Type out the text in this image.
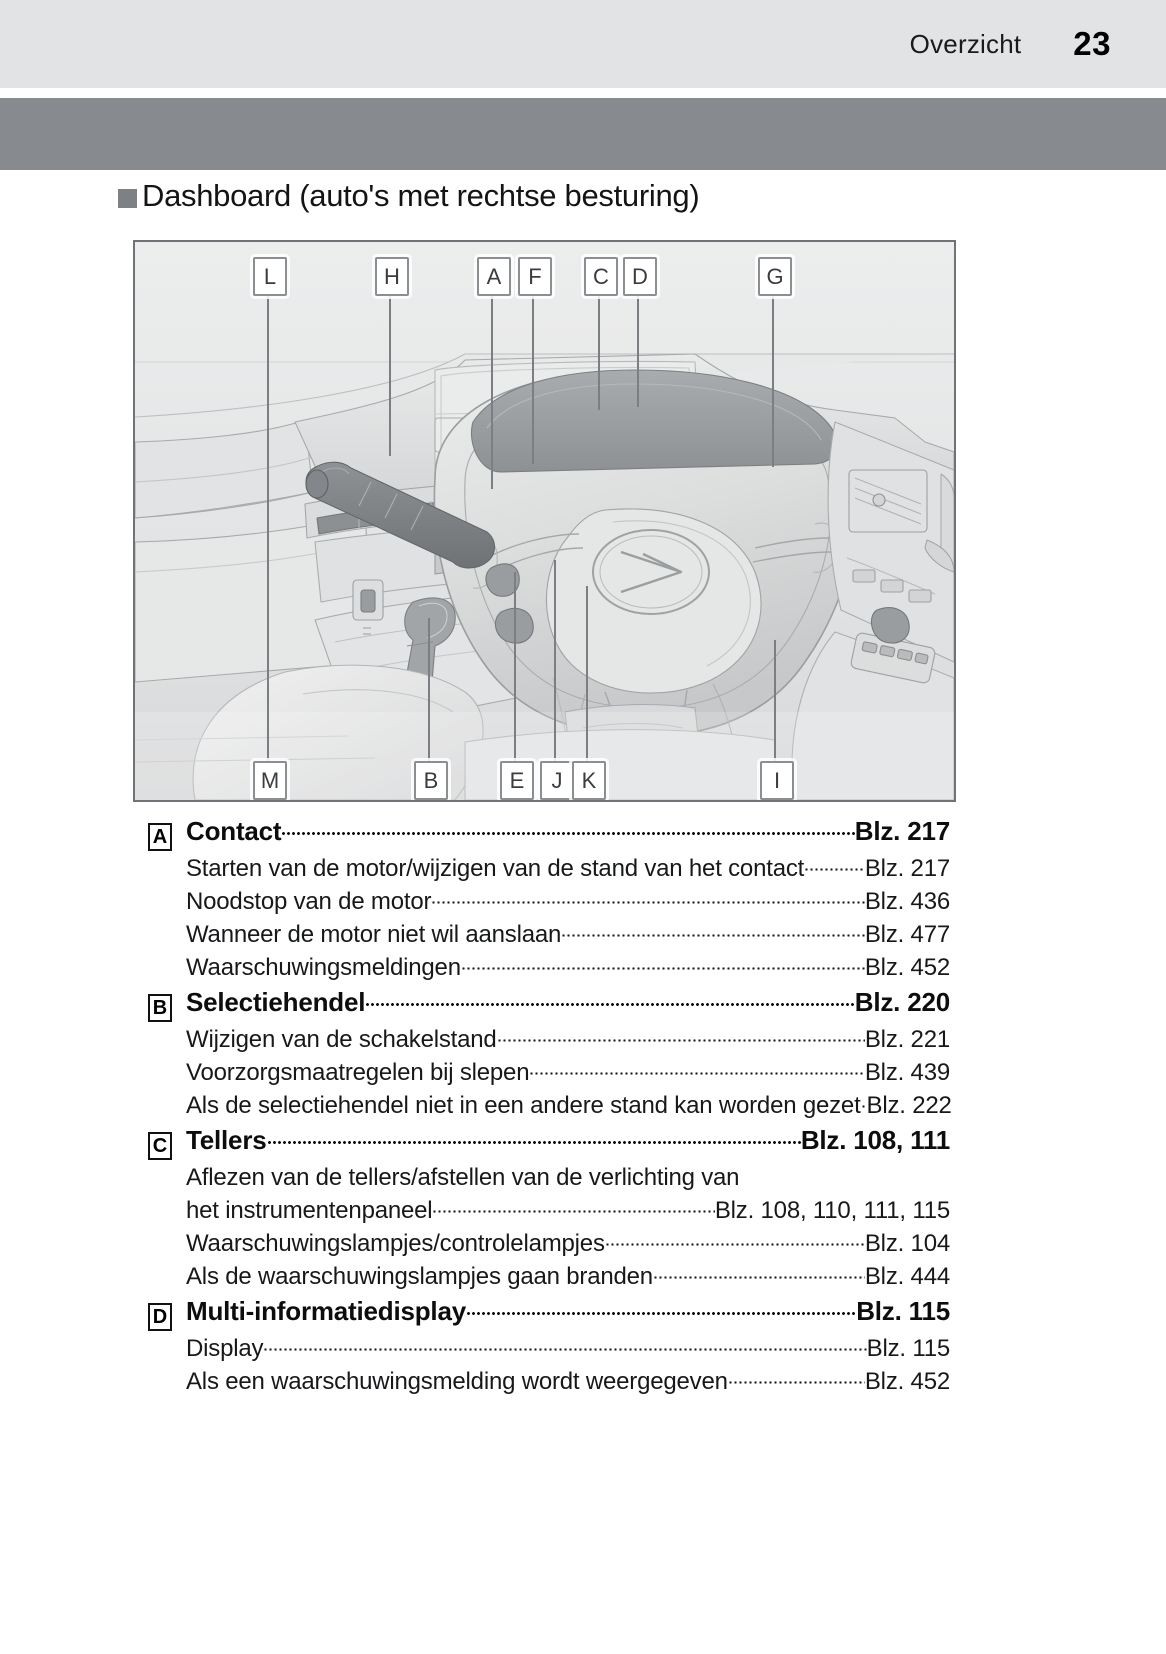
Overzicht 23
Dashboard (auto's met rechtse besturing)
L	H	A F C D	G
M	B	E J K	I
A Contact	Blz. 217
Starten van de motor/wijzigen van de stand van het contact	Blz. 217
Noodstop van de motor	Blz. 436
Wanneer de motor niet wil aanslaan	Blz. 477
Waarschuwingsmeldingen	Blz. 452
B Selectiehendel	Blz. 220
Wijzigen van de schakelstand	Blz. 221
Voorzorgsmaatregelen bij slepen	Blz. 439
Als de selectiehendel niet in een andere stand kan worden gezet Blz. 222
C Tellers	Blz. 108, 111
Aflezen van de tellers/afstellen van de verlichting van
het instrumentenpaneel	Blz. 108, 110, 111, 115
Waarschuwingslampjes/controlelampjes	Blz. 104
Als de waarschuwingslampjes gaan branden	Blz. 444
D Multi-informatiedisplay	Blz. 115
Display	Blz. 115
Als een waarschuwingsmelding wordt weergegeven	Blz. 452
